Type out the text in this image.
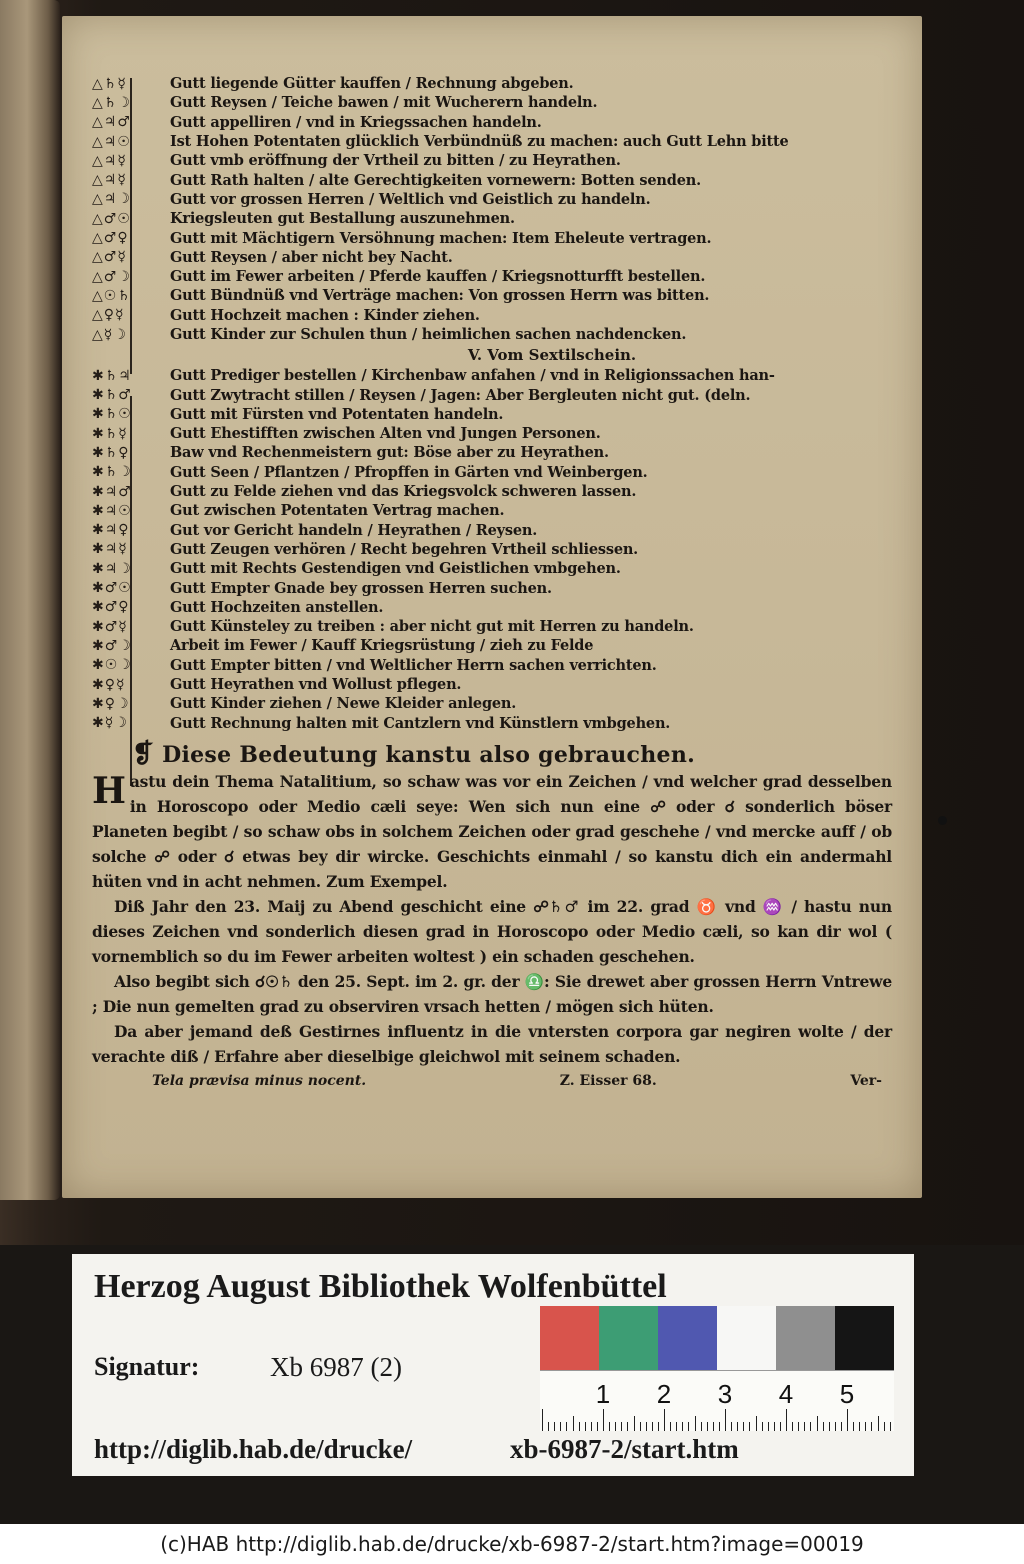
△♄☿	Gutt liegende Gütter kauffen / Rechnung abgeben.
△♄☽	Gutt Reysen / Teiche bawen / mit Wucherern handeln.
△♃♂	Gutt appelliren / vnd in Kriegssachen handeln.
△♃☉	Ist Hohen Potentaten glücklich Verbündnüß zu machen: auch Gutt Lehn bitte
△♃☿	Gutt vmb eröffnung der Vrtheil zu bitten / zu Heyrathen.
△♃☿	Gutt Rath halten / alte Gerechtigkeiten vornewern: Botten senden.
△♃☽	Gutt vor grossen Herren / Weltlich vnd Geistlich zu handeln.
△♂☉	Kriegsleuten gut Bestallung auszunehmen.
△♂♀	Gutt mit Mächtigern Versöhnung machen: Item Eheleute vertragen.
△♂☿	Gutt Reysen / aber nicht bey Nacht.
△♂☽	Gutt im Fewer arbeiten / Pferde kauffen / Kriegsnotturfft bestellen.
△☉♄	Gutt Bündnüß vnd Verträge machen: Von grossen Herrn was bitten.
△♀☿	Gutt Hochzeit machen : Kinder ziehen.
△☿☽	Gutt Kinder zur Schulen thun / heimlichen sachen nachdencken.
V. Vom Sextilschein.
✱♄♃	Gutt Prediger bestellen / Kirchenbaw anfahen / vnd in Religionssachen han-
✱♄♂	Gutt Zwytracht stillen / Reysen / Jagen: Aber Bergleuten nicht gut. (deln.
✱♄☉	Gutt mit Fürsten vnd Potentaten handeln.
✱♄☿	Gutt Ehestifften zwischen Alten vnd Jungen Personen.
✱♄♀	Baw vnd Rechenmeistern gut: Böse aber zu Heyrathen.
✱♄☽	Gutt Seen / Pflantzen / Pfropffen in Gärten vnd Weinbergen.
✱♃♂	Gutt zu Felde ziehen vnd das Kriegsvolck schweren lassen.
✱♃☉	Gut zwischen Potentaten Vertrag machen.
✱♃♀	Gut vor Gericht handeln / Heyrathen / Reysen.
✱♃☿	Gutt Zeugen verhören / Recht begehren Vrtheil schliessen.
✱♃☽	Gutt mit Rechts Gestendigen vnd Geistlichen vmbgehen.
✱♂☉	Gutt Empter Gnade bey grossen Herren suchen.
✱♂♀	Gutt Hochzeiten anstellen.
✱♂☿	Gutt Künsteley zu treiben : aber nicht gut mit Herren zu handeln.
✱♂☽	Arbeit im Fewer / Kauff Kriegsrüstung / zieh zu Felde
✱☉☽	Gutt Empter bitten / vnd Weltlicher Herrn sachen verrichten.
✱♀☿	Gutt Heyrathen vnd Wollust pflegen.
✱♀☽	Gutt Kinder ziehen / Newe Kleider anlegen.
✱☿☽	Gutt Rechnung halten mit Cantzlern vnd Künstlern vmbgehen.
❡ Diese Bedeutung kanstu also gebrauchen.

Hastu dein Thema Natalitium, so schaw was vor ein Zeichen / vnd welcher grad desselben in Horoscopo oder Medio cæli seye: Wen sich nun eine ☍ oder ☌ sonderlich böser Planeten begibt / so schaw obs in solchem Zeichen oder grad geschehe / vnd mercke auff / ob solche ☍ oder ☌ etwas bey dir wircke. Geschichts einmahl / so kanstu dich ein andermahl hüten vnd in acht nehmen. Zum Exempel.

Diß Jahr den 23. Maij zu Abend geschicht eine ☍♄♂ im 22. grad ♉ vnd ♒ / hastu nun dieses Zeichen vnd sonderlich diesen grad in Horoscopo oder Medio cæli, so kan dir wol ( vornemblich so du im Fewer arbeiten woltest ) ein schaden geschehen.

Also begibt sich ☌☉♄ den 25. Sept. im 2. gr. der ♎: Sie drewet aber grossen Herrn Vntrewe ; Die nun gemelten grad zu observiren vrsach hetten / mögen sich hüten.

Da aber jemand deß Gestirnes influentz in die vntersten corpora gar negiren wolte / der verachte diß / Erfahre aber dieselbige gleichwol mit seinem schaden.

Tela prævisa minus nocent.	Z. Eisser 68.	Ver-
Herzog August Bibliothek Wolfenbüttel
1 2 3 4 5
Signatur:	Xb 6987 (2)
http://diglib.hab.de/drucke/	xb-6987-2/start.htm
(c)HAB http://diglib.hab.de/drucke/xb-6987-2/start.htm?image=00019
